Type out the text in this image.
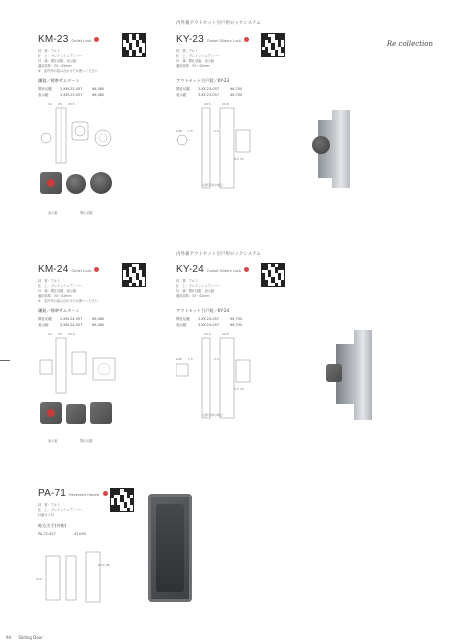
Re collection
KM-23 Outlet Lock
材　質：アルミ
仕　上：グレイッシュアンバー
付　属：間仕切錠、表示錠
適用扉厚：30〜42mm
※　室内外の組み合わせでお使いください
鎌錠／標準サムターン
間仕切錠 2-KM-23-057	¥6,080
表示錠	3-KM-23-057	¥6,080
14 25 25.5
表示錠	間仕切錠
内外兼アウトセット引戸用ロックシステム
KY-23 Outset Sliders Lock
材　質：アルミ
仕　上：グレイッシュアンバー
付　属：間仕切錠、表示錠
適用扉厚：33〜42mm
アウトセット引戸錠／KY-23
間仕切錠 2-KY-23-057	¥6,700
表示錠	3-KY-23-057	¥6,700
29.5	20.8
ø48 1.5	2.5
6.5 76
左勝手扉の場合
KM-24 Outlet Lock
材　質：アルミ
仕　上：グレイッシュアンバー
付　属：間仕切錠、表示錠
適用扉厚：30〜42mm
※　室内外の組み合わせでお使いください
鎌錠／標準サムターン
間仕切錠 2-KM-24-057	¥6,080
表示錠	3-KM-24-057	¥6,080
14 25 25.5
表示錠	間仕切錠
内外兼アウトセット引戸用ロックシステム
KY-24 Outset Sliders Lock
材　質：アルミ
仕　上：グレイッシュアンバー
付　属：間仕切錠、表示錠
適用扉厚：33〜42mm
アウトセット引戸錠／KY-24
間仕切錠 2-KY-24-057	¥6,700
表示錠	3-KY-24-057	¥6,700
29.5	20.8
ø48 1.5	2.5
6.5 76
左勝手扉の場合
PA-71 Recessed Handle
材　質：アルミ
仕　上：グレイッシュアンバー
付属ネジ付
彫込引手(外彫)
PA-71-057	42×90
110
ø4.5 (B)
94 Sliding Door
